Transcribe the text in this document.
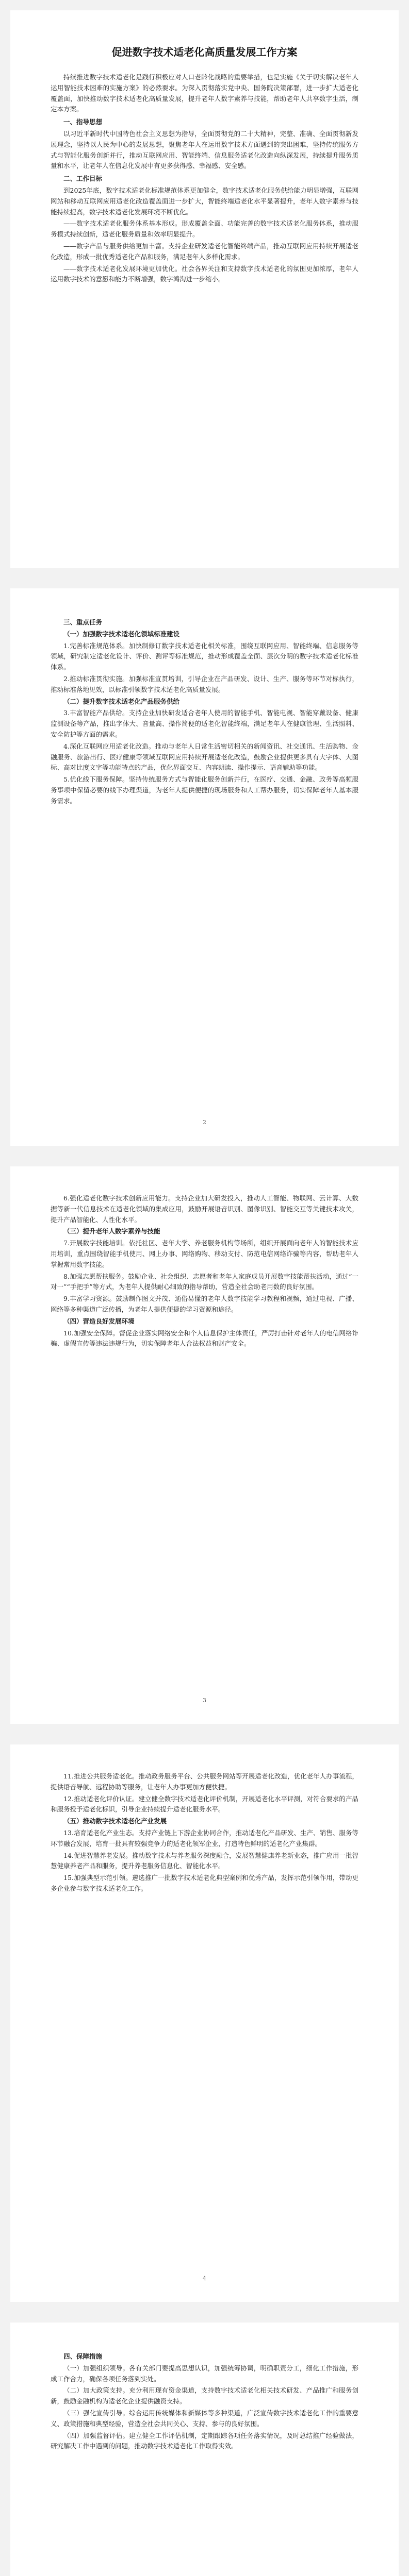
促进数字技术适老化高质量发展工作方案
持续推进数字技术适老化是践行积极应对人口老龄化战略的重要举措，也是实施《关于切实解决老年人运用智能技术困难的实施方案》的必然要求。为深入贯彻落实党中央、国务院决策部署，进一步扩大适老化覆盖面，加快推动数字技术适老化高质量发展，提升老年人数字素养与技能，帮助老年人共享数字生活，制定本方案。
一、指导思想
以习近平新时代中国特色社会主义思想为指导，全面贯彻党的二十大精神，完整、准确、全面贯彻新发展理念，坚持以人民为中心的发展思想，聚焦老年人在运用数字技术方面遇到的突出困难，坚持传统服务方式与智能化服务创新并行，推动互联网应用、智能终端、信息服务适老化改造向纵深发展，持续提升服务质量和水平，让老年人在信息化发展中有更多获得感、幸福感、安全感。
二、工作目标
到2025年底，数字技术适老化标准规范体系更加健全，数字技术适老化服务供给能力明显增强，互联网网站和移动互联网应用适老化改造覆盖面进一步扩大，智能终端适老化水平显著提升，老年人数字素养与技能持续提高，数字技术适老化发展环境不断优化。
——数字技术适老化服务体系基本形成。形成覆盖全面、功能完善的数字技术适老化服务体系，推动服务模式持续创新，适老化服务质量和效率明显提升。
——数字产品与服务供给更加丰富。支持企业研发适老化智能终端产品，推动互联网应用持续开展适老化改造，形成一批优秀适老化产品和服务，满足老年人多样化需求。
——数字技术适老化发展环境更加优化。社会各界关注和支持数字技术适老化的氛围更加浓厚，老年人运用数字技术的意愿和能力不断增强，数字鸿沟进一步缩小。
三、重点任务
（一）加强数字技术适老化领域标准建设
1.完善标准规范体系。加快制修订数字技术适老化相关标准，围绕互联网应用、智能终端、信息服务等领域，研究制定适老化设计、评价、测评等标准规范，推动形成覆盖全面、层次分明的数字技术适老化标准体系。
2.推动标准贯彻实施。加强标准宣贯培训，引导企业在产品研发、设计、生产、服务等环节对标执行，推动标准落地见效，以标准引领数字技术适老化高质量发展。
（二）提升数字技术适老化产品服务供给
3.丰富智能产品供给。支持企业加快研发适合老年人使用的智能手机、智能电视、智能穿戴设备、健康监测设备等产品，推出字体大、音量高、操作简便的适老化智能终端，满足老年人在健康管理、生活照料、安全防护等方面的需求。
4.深化互联网应用适老化改造。推动与老年人日常生活密切相关的新闻资讯、社交通讯、生活购物、金融服务、旅游出行、医疗健康等领域互联网应用持续开展适老化改造，鼓励企业提供更多具有大字体、大图标、高对比度文字等功能特点的产品，优化界面交互、内容朗读、操作提示、语音辅助等功能。
5.优化线下服务保障。坚持传统服务方式与智能化服务创新并行，在医疗、交通、金融、政务等高频服务事项中保留必要的线下办理渠道，为老年人提供便捷的现场服务和人工帮办服务，切实保障老年人基本服务需求。
2
6.强化适老化数字技术创新应用能力。支持企业加大研发投入，推动人工智能、物联网、云计算、大数据等新一代信息技术在适老化领域的集成应用，鼓励开展语音识别、图像识别、智能交互等关键技术攻关，提升产品智能化、人性化水平。
（三）提升老年人数字素养与技能
7.开展数字技能培训。依托社区、老年大学、养老服务机构等场所，组织开展面向老年人的智能技术应用培训，重点围绕智能手机使用、网上办事、网络购物、移动支付、防范电信网络诈骗等内容，帮助老年人掌握常用数字技能。
8.加强志愿帮扶服务。鼓励企业、社会组织、志愿者和老年人家庭成员开展数字技能帮扶活动，通过“一对一”“手把手”等方式，为老年人提供耐心细致的指导帮助，营造全社会助老用数的良好氛围。
9.丰富学习资源。鼓励制作图文并茂、通俗易懂的老年人数字技能学习教程和视频，通过电视、广播、网络等多种渠道广泛传播，为老年人提供便捷的学习资源和途径。
（四）营造良好发展环境
10.加强安全保障。督促企业落实网络安全和个人信息保护主体责任，严厉打击针对老年人的电信网络诈骗、虚假宣传等违法违规行为，切实保障老年人合法权益和财产安全。
3
11.推进公共服务适老化。推动政务服务平台、公共服务网站等开展适老化改造，优化老年人办事流程，提供语音导航、远程协助等服务，让老年人办事更加方便快捷。
12.推动适老化评价认证。建立健全数字技术适老化评价机制，开展适老化水平评测，对符合要求的产品和服务授予适老化标识，引导企业持续提升适老化服务水平。
（五）推动数字技术适老化产业发展
13.培育适老化产业生态。支持产业链上下游企业协同合作，推动适老化产品研发、生产、销售、服务等环节融合发展，培育一批具有较强竞争力的适老化领军企业，打造特色鲜明的适老化产业集群。
14.促进智慧养老发展。推动数字技术与养老服务深度融合，发展智慧健康养老新业态，推广应用一批智慧健康养老产品和服务，提升养老服务信息化、智能化水平。
15.加强典型示范引领。遴选推广一批数字技术适老化典型案例和优秀产品，发挥示范引领作用，带动更多企业参与数字技术适老化工作。
4
四、保障措施
（一）加强组织领导。各有关部门要提高思想认识，加强统筹协调，明确职责分工，细化工作措施，形成工作合力，确保各项任务落到实处。
（二）加大政策支持。充分利用现有资金渠道，支持数字技术适老化相关技术研发、产品推广和服务创新，鼓励金融机构为适老化企业提供融资支持。
（三）强化宣传引导。综合运用传统媒体和新媒体等多种渠道，广泛宣传数字技术适老化工作的重要意义、政策措施和典型经验，营造全社会共同关心、支持、参与的良好氛围。
（四）加强监督评估。建立健全工作评估机制，定期跟踪各项任务落实情况，及时总结推广经验做法，研究解决工作中遇到的问题，推动数字技术适老化工作取得实效。
